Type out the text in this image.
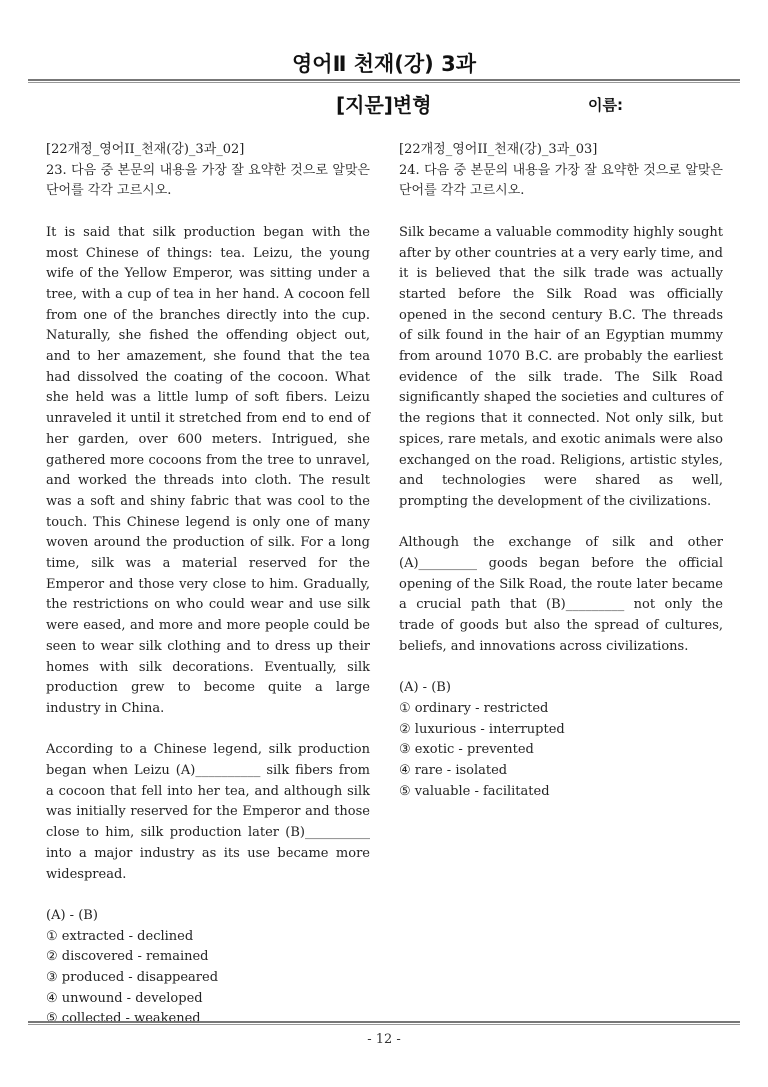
영어Ⅱ 천재(강) 3과
[지문]변형	이름:

[22개정_영어II_천재(강)_3과_02]

23. 다음 중 본문의 내용을 가장 잘 요약한 것으로 알맞은 단어를 각각 고르시오.

It is said that silk production began with the most Chinese of things: tea. Leizu, the young wife of the Yellow Emperor, was sitting under a tree, with a cup of tea in her hand. A cocoon fell from one of the branches directly into the cup. Naturally, she fished the offending object out, and to her amazement, she found that the tea had dissolved the coating of the cocoon. What she held was a little lump of soft fibers. Leizu unraveled it until it stretched from end to end of her garden, over 600 meters. Intrigued, she gathered more cocoons from the tree to unravel, and worked the threads into cloth. The result was a soft and shiny fabric that was cool to the touch. This Chinese legend is only one of many woven around the production of silk. For a long time, silk was a material reserved for the Emperor and those very close to him. Gradually, the restrictions on who could wear and use silk were eased, and more and more people could be seen to wear silk clothing and to dress up their homes with silk decorations. Eventually, silk production grew to become quite a large industry in China.

According to a Chinese legend, silk production began when Leizu (A)__________ silk fibers from a cocoon that fell into her tea, and although silk was initially reserved for the Emperor and those close to him, silk production later (B)__________ into a major industry as its use became more widespread.

(A) - (B)

① extracted - declined

② discovered - remained

③ produced - disappeared

④ unwound - developed

⑤ collected - weakened

[22개정_영어II_천재(강)_3과_03]

24. 다음 중 본문의 내용을 가장 잘 요약한 것으로 알맞은 단어를 각각 고르시오.

Silk became a valuable commodity highly sought after by other countries at a very early time, and it is believed that the silk trade was actually started before the Silk Road was officially opened in the second century B.C. The threads of silk found in the hair of an Egyptian mummy from around 1070 B.C. are probably the earliest evidence of the silk trade. The Silk Road significantly shaped the societies and cultures of the regions that it connected. Not only silk, but spices, rare metals, and exotic animals were also exchanged on the road. Religions, artistic styles, and technologies were shared as well, prompting the development of the civilizations.

Although the exchange of silk and other (A)_________ goods began before the official opening of the Silk Road, the route later became a crucial path that (B)_________ not only the trade of goods but also the spread of cultures, beliefs, and innovations across civilizations.

(A) - (B)

① ordinary - restricted

② luxurious - interrupted

③ exotic - prevented

④ rare - isolated

⑤ valuable - facilitated

- 12 -
